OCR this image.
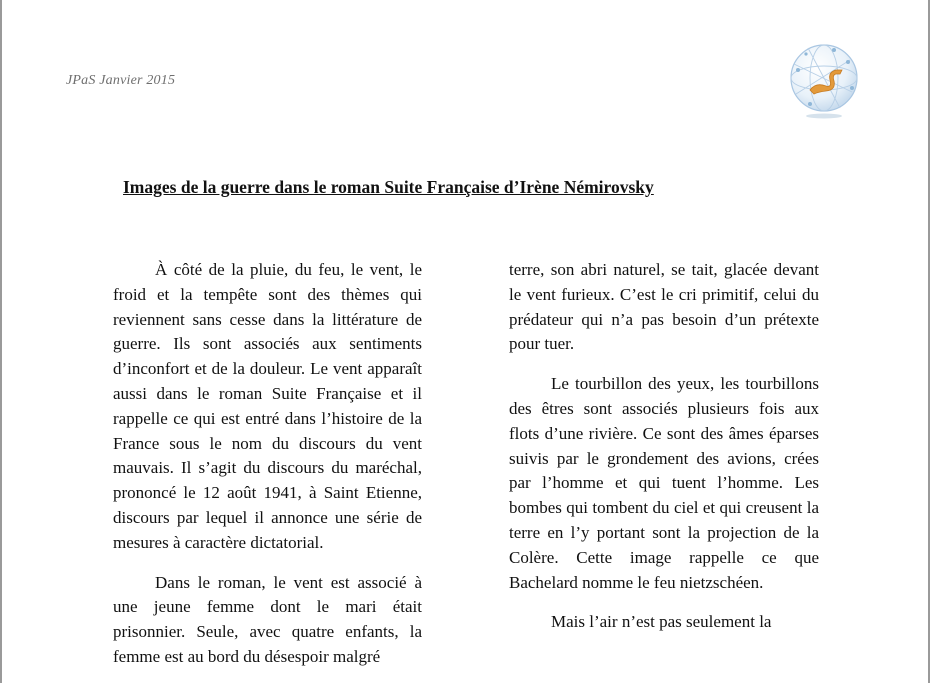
JPaS Janvier 2015
Images de la guerre dans le roman Suite Française d’Irène Némirovsky

À côté de la pluie, du feu, le vent, le froid et la tempête sont des thèmes qui reviennent sans cesse dans la littérature de guerre. Ils sont associés aux sentiments d’inconfort et de la douleur. Le vent apparaît aussi dans le roman Suite Française et il rappelle ce qui est entré dans l’histoire de la France sous le nom du discours du vent mauvais. Il s’agit du discours du maréchal, prononcé le 12 août 1941, à Saint Etienne, discours par lequel il annonce une série de mesures à caractère dictatorial.

Dans le roman, le vent est associé à une jeune femme dont le mari était prisonnier. Seule, avec quatre enfants, la femme est au bord du désespoir malgré

terre, son abri naturel, se tait, glacée devant le vent furieux. C’est le cri primitif, celui du prédateur qui n’a pas besoin d’un prétexte pour tuer.

Le tourbillon des yeux, les tourbillons des êtres sont associés plusieurs fois aux flots d’une rivière. Ce sont des âmes éparses suivis par le grondement des avions, crées par l’homme et qui tuent l’homme. Les bombes qui tombent du ciel et qui creusent la terre en l’y portant sont la projection de la Colère. Cette image rappelle ce que Bachelard nomme le feu nietzschéen.

Mais l’air n’est pas seulement la
